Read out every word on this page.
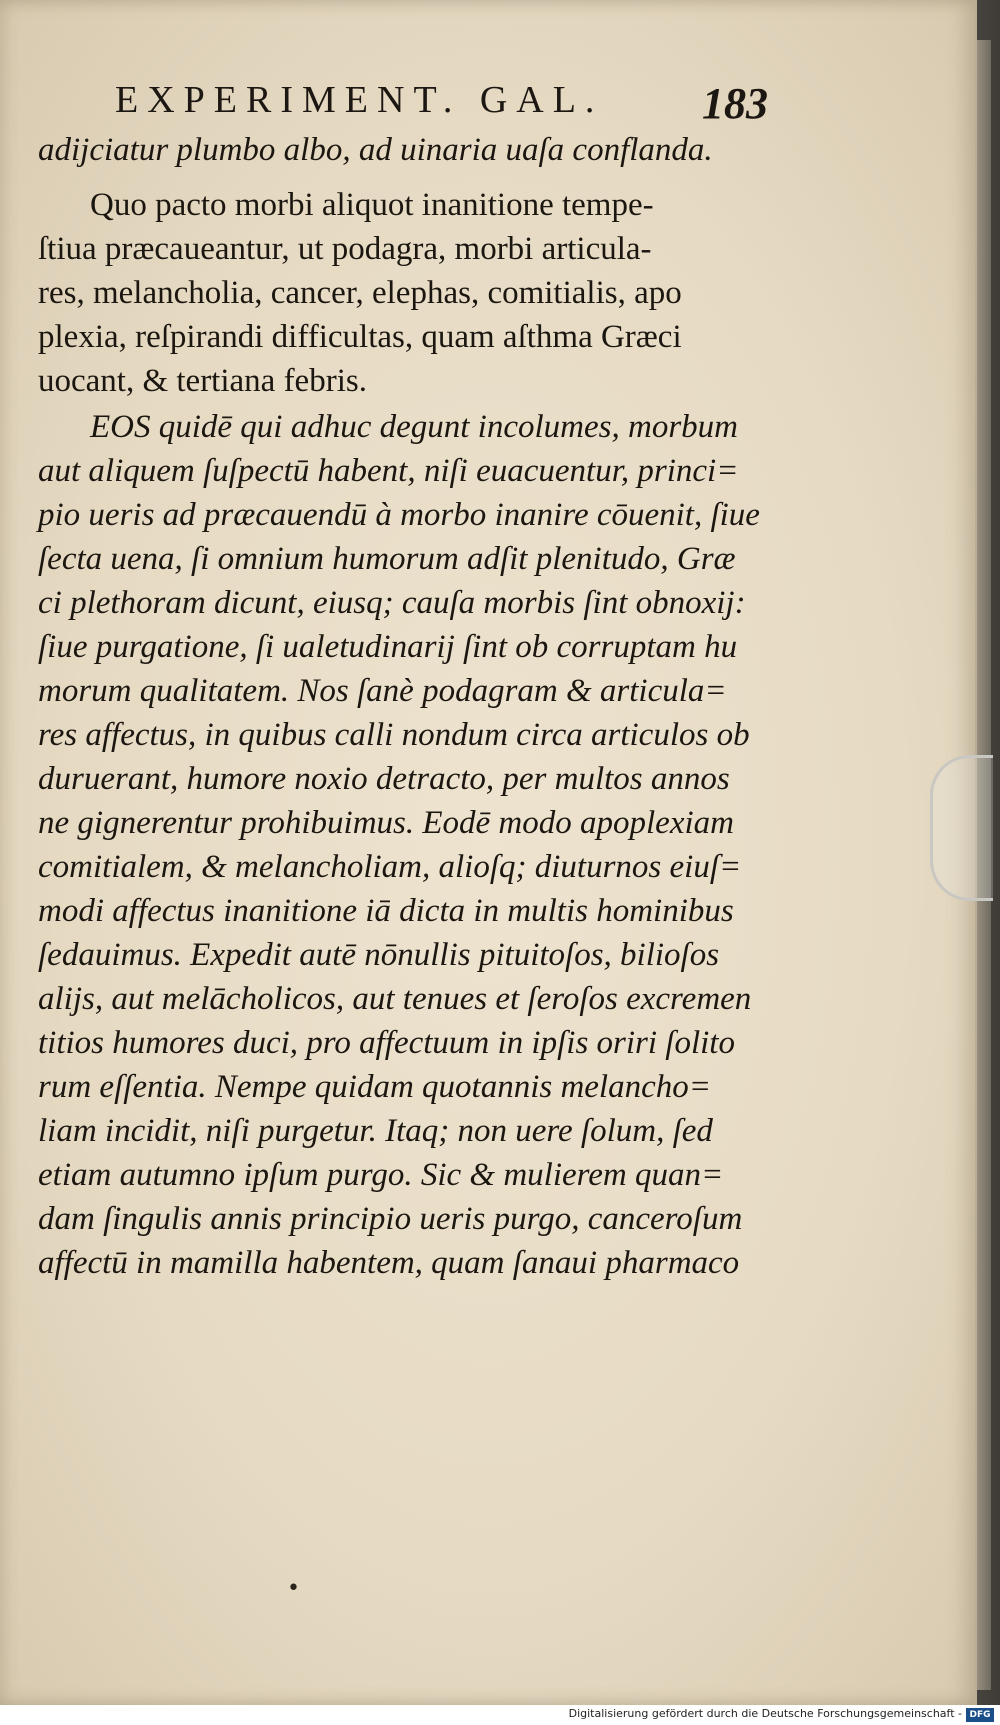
EXPERIMENT. GAL.	183
adijciatur plumbo albo, ad uinaria uaſa conflanda.
Quo pacto morbi aliquot inanitione tempe-
ſtiua præcaueantur, ut podagra, morbi articula-
res, melancholia, cancer, elephas, comitialis, apo
plexia, reſpirandi difficultas, quam aſthma Græci
uocant, & tertiana febris.
EOS quidē qui adhuc degunt incolumes, morbum
aut aliquem ſuſpectū habent, niſi euacuentur, princi=
pio ueris ad præcauendū à morbo inanire cōuenit, ſiue
ſecta uena, ſi omnium humorum adſit plenitudo, Græ
ci plethoram dicunt, eiusq; cauſa morbis ſint obnoxij:
ſiue purgatione, ſi ualetudinarij ſint ob corruptam hu
morum qualitatem. Nos ſanè podagram & articula=
res affectus, in quibus calli nondum circa articulos ob
duruerant, humore noxio detracto, per multos annos
ne gignerentur prohibuimus. Eodē modo apoplexiam
comitialem, & melancholiam, alioſq; diuturnos eiuſ=
modi affectus inanitione iā dicta in multis hominibus
ſedauimus. Expedit autē nōnullis pituitoſos, bilioſos
alijs, aut melācholicos, aut tenues et ſeroſos excremen
titios humores duci, pro affectuum in ipſis oriri ſolito
rum eſſentia. Nempe quidam quotannis melancho=
liam incidit, niſi purgetur. Itaq; non uere ſolum, ſed
etiam autumno ipſum purgo. Sic & mulierem quan=
dam ſingulis annis principio ueris purgo, canceroſum
affectū in mamilla habentem, quam ſanaui pharmaco
•
Digitalisierung gefördert durch die Deutsche Forschungsgemeinschaft - DFG
